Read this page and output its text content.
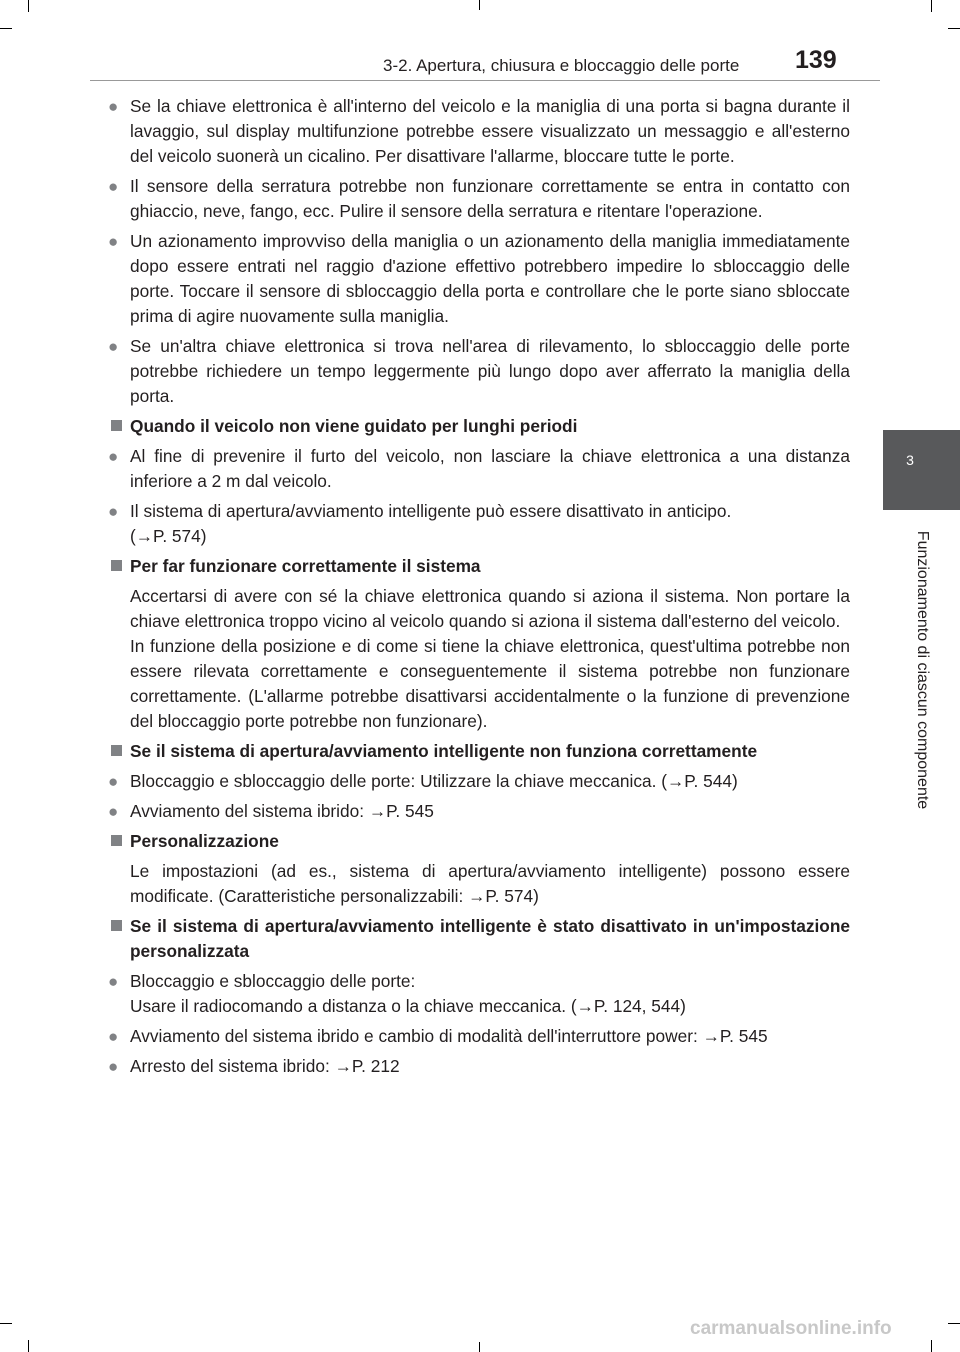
3-2. Apertura, chiusura e bloccaggio delle porte 139
3
Funzionamento di ciascun componente
● Se la chiave elettronica è all'interno del veicolo e la maniglia di una porta si bagna durante il lavaggio, sul display multifunzione potrebbe essere visualizzato un messaggio e all'esterno del veicolo suonerà un cicalino. Per disattivare l'allarme, bloccare tutte le porte.
● Il sensore della serratura potrebbe non funzionare correttamente se entra in contatto con ghiaccio, neve, fango, ecc. Pulire il sensore della serratura e ritentare l'operazione.
● Un azionamento improvviso della maniglia o un azionamento della maniglia immediatamente dopo essere entrati nel raggio d'azione effettivo potrebbero impedire lo sbloccaggio delle porte. Toccare il sensore di sbloccaggio della porta e controllare che le porte siano sbloccate prima di agire nuovamente sulla maniglia.
● Se un'altra chiave elettronica si trova nell'area di rilevamento, lo sbloccaggio delle porte potrebbe richiedere un tempo leggermente più lungo dopo aver afferrato la maniglia della porta.
Quando il veicolo non viene guidato per lunghi periodi
● Al fine di prevenire il furto del veicolo, non lasciare la chiave elettronica a una distanza inferiore a 2 m dal veicolo.
● Il sistema di apertura/avviamento intelligente può essere disattivato in anticipo.
(→P. 574)
Per far funzionare correttamente il sistema
Accertarsi di avere con sé la chiave elettronica quando si aziona il sistema. Non portare la chiave elettronica troppo vicino al veicolo quando si aziona il sistema dall'esterno del veicolo.
In funzione della posizione e di come si tiene la chiave elettronica, quest'ultima potrebbe non essere rilevata correttamente e conseguentemente il sistema potrebbe non funzionare correttamente. (L'allarme potrebbe disattivarsi accidentalmente o la funzione di prevenzione del bloccaggio porte potrebbe non funzionare).
Se il sistema di apertura/avviamento intelligente non funziona correttamente
● Bloccaggio e sbloccaggio delle porte: Utilizzare la chiave meccanica. (→P. 544)
● Avviamento del sistema ibrido: →P. 545
Personalizzazione
Le impostazioni (ad es., sistema di apertura/avviamento intelligente) possono essere modificate. (Caratteristiche personalizzabili: →P. 574)
Se il sistema di apertura/avviamento intelligente è stato disattivato in un'impostazione personalizzata
● Bloccaggio e sbloccaggio delle porte:
Usare il radiocomando a distanza o la chiave meccanica. (→P. 124, 544)
● Avviamento del sistema ibrido e cambio di modalità dell'interruttore power: →P. 545
● Arresto del sistema ibrido: →P. 212
carmanualsonline.info
